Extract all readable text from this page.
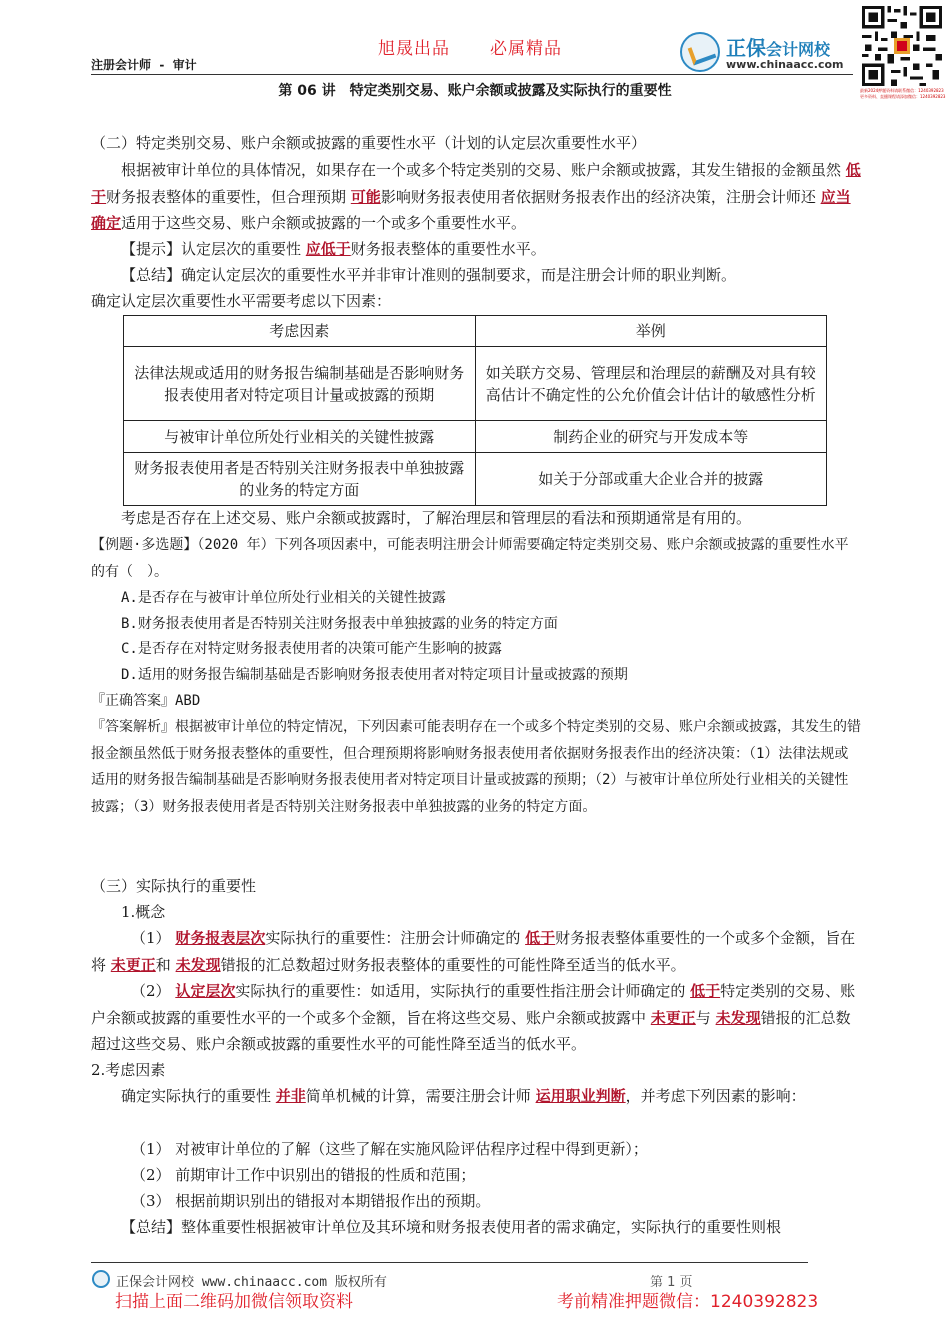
旭晟出品 必属精品
注册会计师 - 审计
正保会计网校
www.chinaacc.com
最新2024押题资料请联系微信：1240392823 更多资料、直播课程请添加微信：1240392823
第 06 讲　特定类别交易、账户余额或披露及实际执行的重要性
（二）特定类别交易、账户余额或披露的重要性水平（计划的认定层次重要性水平）
根据被审计单位的具体情况，如果存在一个或多个特定类别的交易、账户余额或披露，其发生错报的金额虽然 低于财务报表整体的重要性，但合理预期 可能影响财务报表使用者依据财务报表作出的经济决策，注册会计师还 应当确定适用于这些交易、账户余额或披露的一个或多个重要性水平。
【提示】认定层次的重要性 应低于财务报表整体的重要性水平。
【总结】确定认定层次的重要性水平并非审计准则的强制要求，而是注册会计师的职业判断。
确定认定层次重要性水平需要考虑以下因素：
考虑因素	举例
法律法规或适用的财务报告编制基础是否影响财务报表使用者对特定项目计量或披露的预期	如关联方交易、管理层和治理层的薪酬及对具有较高估计不确定性的公允价值会计估计的敏感性分析
与被审计单位所处行业相关的关键性披露	制药企业的研究与开发成本等
财务报表使用者是否特别关注财务报表中单独披露的业务的特定方面	如关于分部或重大企业合并的披露
考虑是否存在上述交易、账户余额或披露时，了解治理层和管理层的看法和预期通常是有用的。
【例题·多选题】（2020 年）下列各项因素中，可能表明注册会计师需要确定特定类别交易、账户余额或披露的重要性水平的有（　）。
A.是否存在与被审计单位所处行业相关的关键性披露
B.财务报表使用者是否特别关注财务报表中单独披露的业务的特定方面
C.是否存在对特定财务报表使用者的决策可能产生影响的披露
D.适用的财务报告编制基础是否影响财务报表使用者对特定项目计量或披露的预期
『正确答案』ABD
『答案解析』根据被审计单位的特定情况，下列因素可能表明存在一个或多个特定类别的交易、账户余额或披露，其发生的错报金额虽然低于财务报表整体的重要性，但合理预期将影响财务报表使用者依据财务报表作出的经济决策：（1）法律法规或适用的财务报告编制基础是否影响财务报表使用者对特定项目计量或披露的预期；（2）与被审计单位所处行业相关的关键性披露；（3）财务报表使用者是否特别关注财务报表中单独披露的业务的特定方面。
（三）实际执行的重要性
1.概念
（1） 财务报表层次实际执行的重要性：注册会计师确定的 低于财务报表整体重要性的一个或多个金额，旨在将 未更正和 未发现错报的汇总数超过财务报表整体的重要性的可能性降至适当的低水平。
（2） 认定层次实际执行的重要性：如适用，实际执行的重要性指注册会计师确定的 低于特定类别的交易、账户余额或披露的重要性水平的一个或多个金额，旨在将这些交易、账户余额或披露中 未更正与 未发现错报的汇总数超过这些交易、账户余额或披露的重要性水平的可能性降至适当的低水平。
2.考虑因素
确定实际执行的重要性 并非简单机械的计算，需要注册会计师 运用职业判断，并考虑下列因素的影响：
（1） 对被审计单位的了解（这些了解在实施风险评估程序过程中得到更新）；
（2） 前期审计工作中识别出的错报的性质和范围；
（3） 根据前期识别出的错报对本期错报作出的预期。
【总结】整体重要性根据被审计单位及其环境和财务报表使用者的需求确定，实际执行的重要性则根
正保会计网校 www.chinaacc.com 版权所有	第 1 页
扫描上面二维码加微信领取资料	考前精准押题微信：1240392823
